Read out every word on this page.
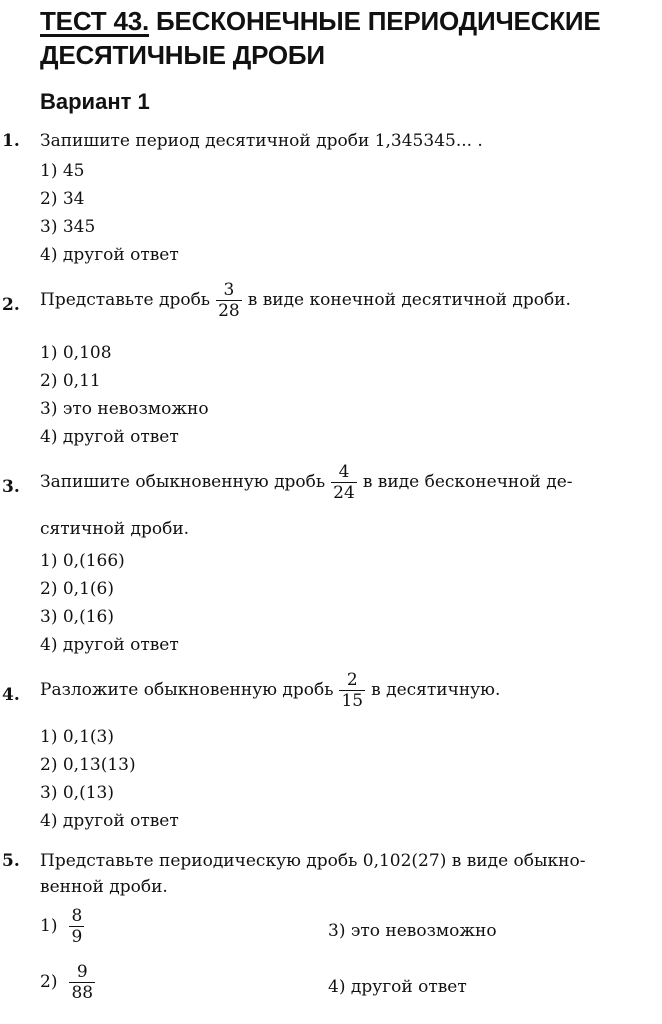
ТЕСТ 43. БЕСКОНЕЧНЫЕ ПЕРИОДИЧЕСКИЕ
ДЕСЯТИЧНЫЕ ДРОБИ
Вариант 1
1. Запишите период десятичной дроби 1,345345... .
1) 45
2) 34
3) 345
4) другой ответ
2. Представьте дробь $\frac{3}{28}$ в виде конечной десятичной дроби.
1) 0,108
2) 0,11
3) это невозможно
4) другой ответ
3. Запишите обыкновенную дробь $\frac{4}{24}$ в виде бесконечной де-
сятичной дроби.
1) 0,(166)
2) 0,1(6)
3) 0,(16)
4) другой ответ
4. Разложите обыкновенную дробь $\frac{2}{15}$ в десятичную.
1) 0,1(3)
2) 0,13(13)
3) 0,(13)
4) другой ответ
5. Представьте периодическую дробь 0,102(27) в виде обыкно-
венной дроби.
$1) \frac{8}{9}$	3) это невозможно
$2) \frac{9}{88}$	4) другой ответ
